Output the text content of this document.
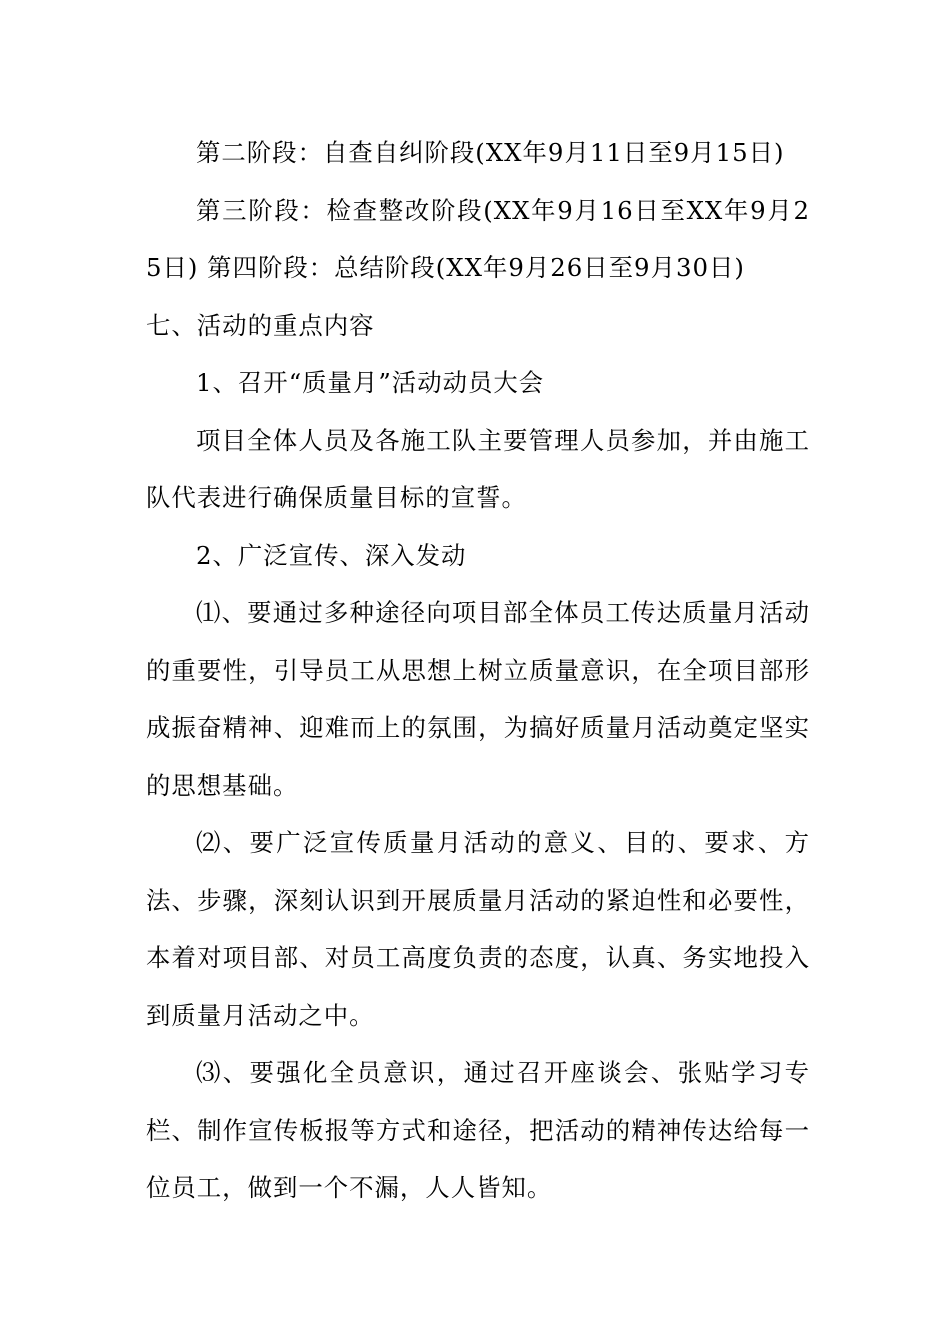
第二阶段：自查自纠阶段(XX年9月11日至9月15日)

第三阶段：检查整改阶段(XX年9月16日至XX年9月25日) 第四阶段：总结阶段(XX年9月26日至9月30日)

七、活动的重点内容

1、召开“质量月”活动动员大会

项目全体人员及各施工队主要管理人员参加，并由施工队代表进行确保质量目标的宣誓。

2、广泛宣传、深入发动

⑴、要通过多种途径向项目部全体员工传达质量月活动的重要性，引导员工从思想上树立质量意识，在全项目部形成振奋精神、迎难而上的氛围，为搞好质量月活动奠定坚实的思想基础。

⑵、要广泛宣传质量月活动的意义、目的、要求、方法、步骤，深刻认识到开展质量月活动的紧迫性和必要性，本着对项目部、对员工高度负责的态度，认真、务实地投入到质量月活动之中。

⑶、要强化全员意识，通过召开座谈会、张贴学习专栏、制作宣传板报等方式和途径，把活动的精神传达给每一位员工，做到一个不漏，人人皆知。
